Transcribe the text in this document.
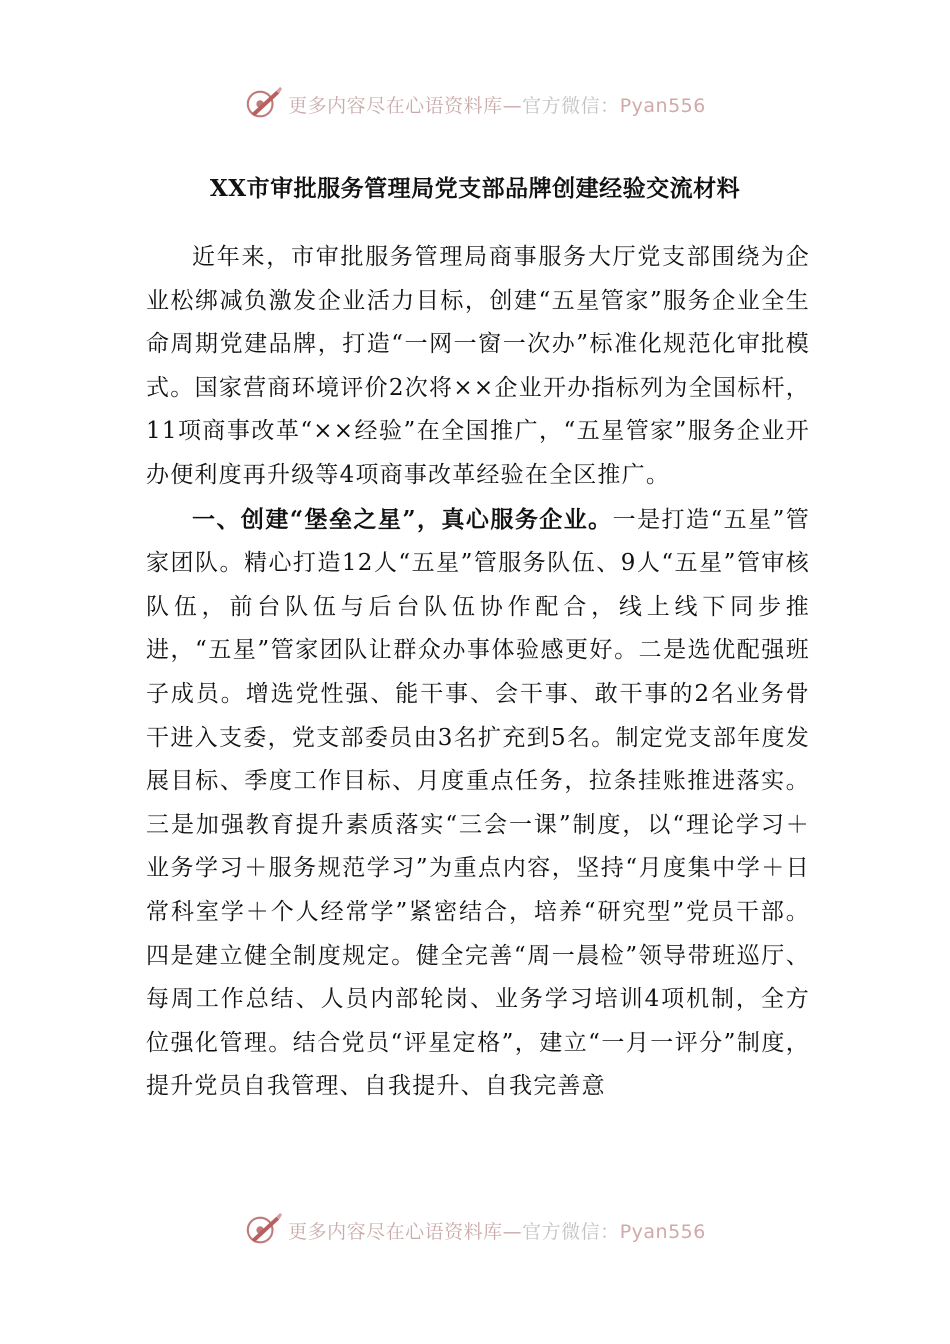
更多内容尽在心语资料库—官方微信：Pyan556
XX市审批服务管理局党支部品牌创建经验交流材料

近年来，市审批服务管理局商事服务大厅党支部围绕为企业松绑减负激发企业活力目标，创建“五星管家”服务企业全生命周期党建品牌，打造“一网一窗一次办”标准化规范化审批模式。国家营商环境评价2次将××企业开办指标列为全国标杆，11项商事改革“××经验”在全国推广，“五星管家”服务企业开办便利度再升级等4项商事改革经验在全区推广。

一、创建“堡垒之星”，真心服务企业。一是打造“五星”管家团队。精心打造12人“五星”管服务队伍、9人“五星”管审核队伍，前台队伍与后台队伍协作配合，线上线下同步推进，“五星”管家团队让群众办事体验感更好。二是选优配强班子成员。增选党性强、能干事、会干事、敢干事的2名业务骨干进入支委，党支部委员由3名扩充到5名。制定党支部年度发展目标、季度工作目标、月度重点任务，拉条挂账推进落实。三是加强教育提升素质落实“三会一课”制度，以“理论学习＋业务学习＋服务规范学习”为重点内容，坚持“月度集中学＋日常科室学＋个人经常学”紧密结合，培养“研究型”党员干部。四是建立健全制度规定。健全完善“周一晨检”领导带班巡厅、每周工作总结、人员内部轮岗、业务学习培训4项机制，全方位强化管理。结合党员“评星定格”，建立“一月一评分”制度，提升党员自我管理、自我提升、自我完善意

更多内容尽在心语资料库—官方微信：Pyan556
